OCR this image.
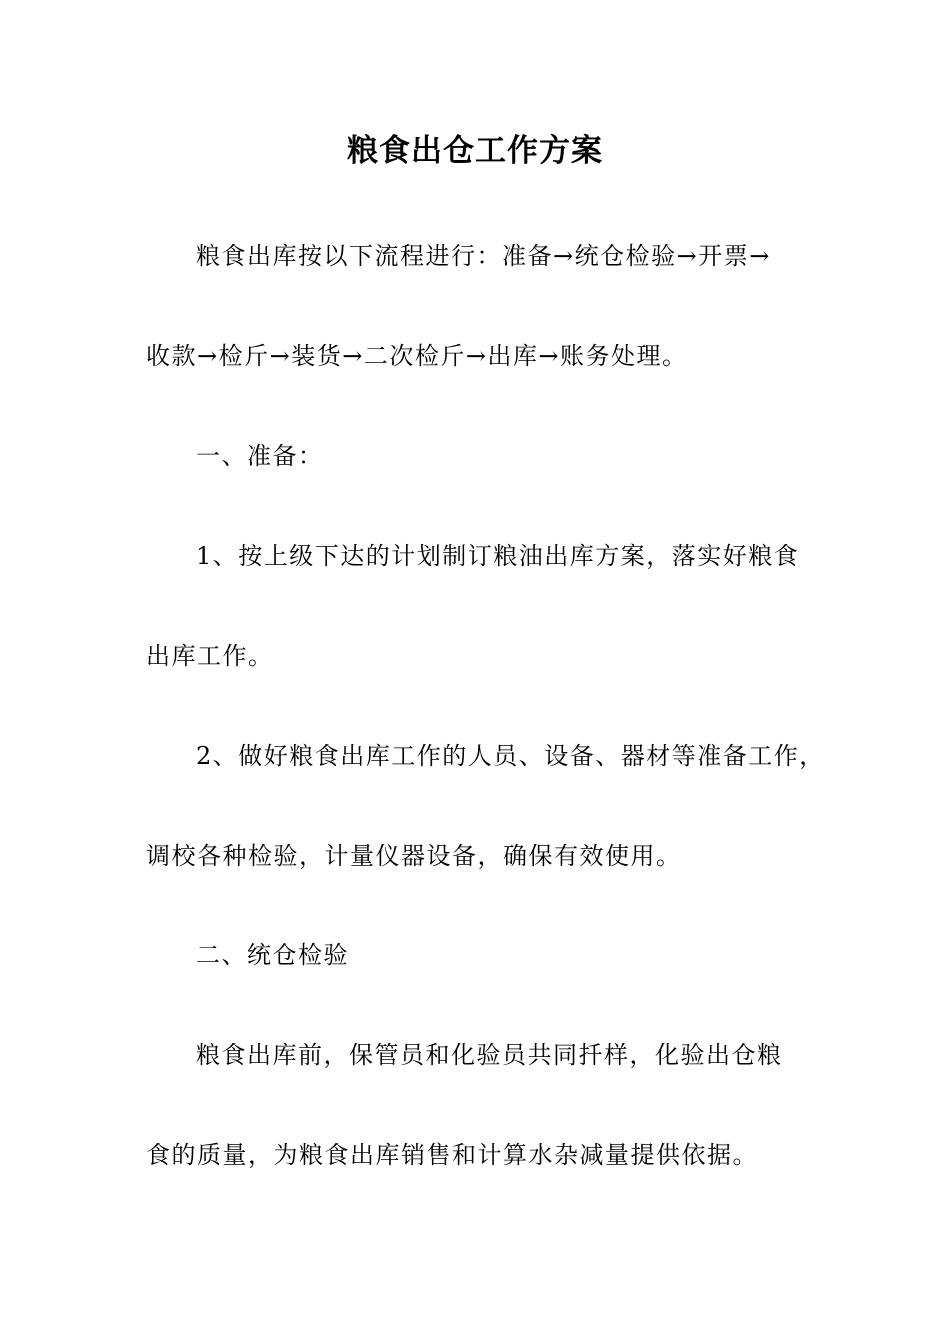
粮食出仓工作方案

粮食出库按以下流程进行：准备→统仓检验→开票→

收款→检斤→装货→二次检斤→出库→账务处理。

一、准备：

1、按上级下达的计划制订粮油出库方案，落实好粮食

出库工作。

2、做好粮食出库工作的人员、设备、器材等准备工作，

调校各种检验，计量仪器设备，确保有效使用。

二、统仓检验

粮食出库前，保管员和化验员共同扦样，化验出仓粮

食的质量，为粮食出库销售和计算水杂减量提供依据。
